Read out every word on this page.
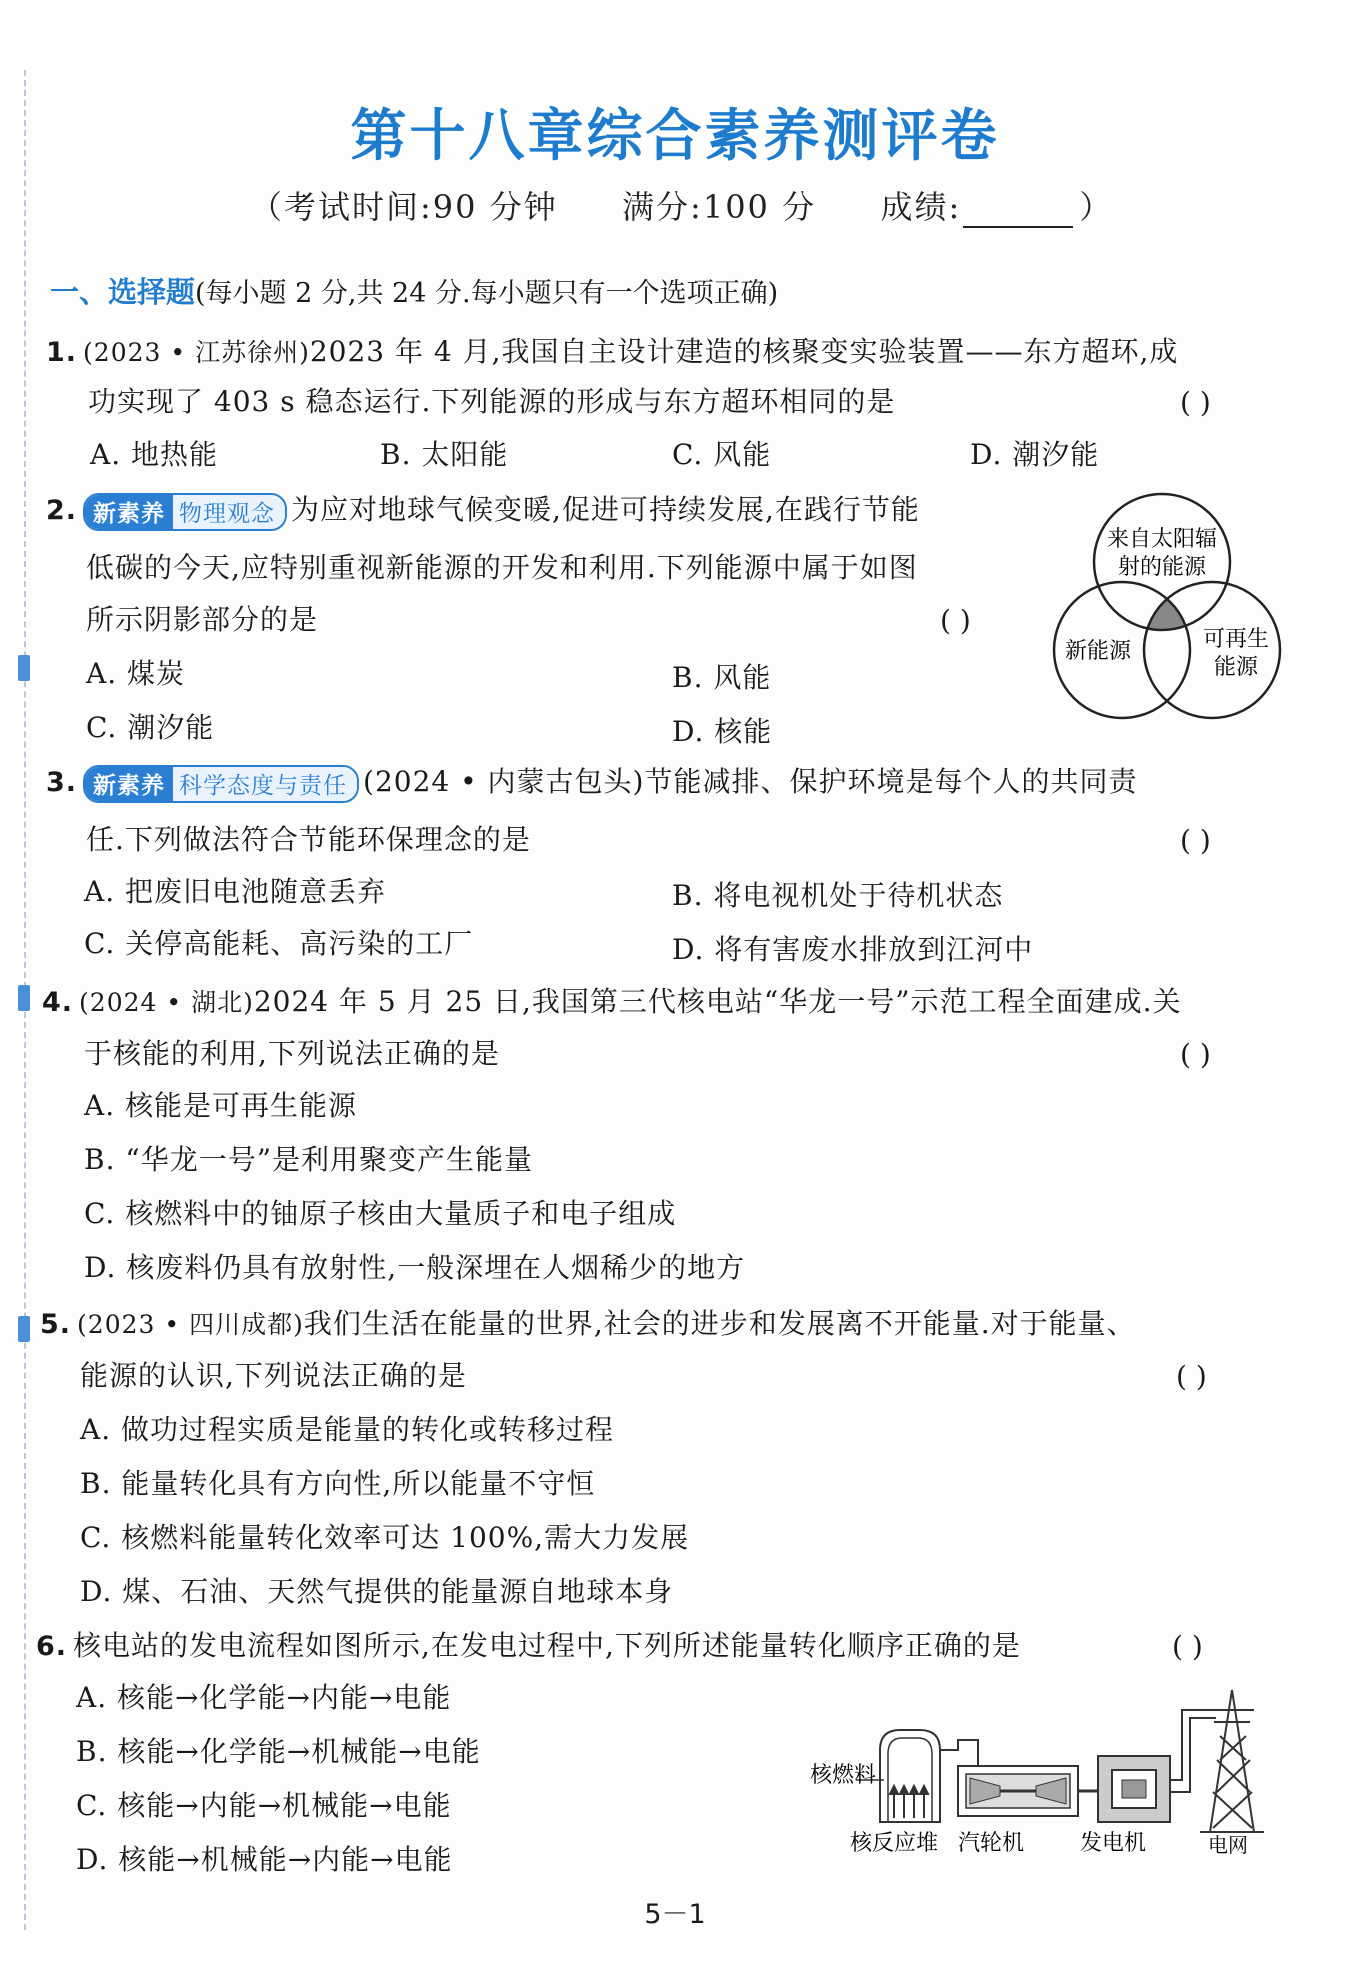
第十八章综合素养测评卷
（考试时间:90 分钟 满分:100 分 成绩:	）
一、选择题(每小题 2 分,共 24 分.每小题只有一个选项正确)
1. (2023 • 江苏徐州)2023 年 4 月,我国自主设计建造的核聚变实验装置——东方超环,成
功实现了 403 s 稳态运行.下列能源的形成与东方超环相同的是	( )
A. 地热能	B. 太阳能	C. 风能	D. 潮汐能
2. 新素养 物理观念 为应对地球气候变暖,促进可持续发展,在践行节能
低碳的今天,应特别重视新能源的开发和利用.下列能源中属于如图
所示阴影部分的是	( )
A. 煤炭	B. 风能
C. 潮汐能	D. 核能
来自太阳辐
射的能源
新能源	可再生
能源
3. 新素养 科学态度与责任 (2024 • 内蒙古包头)节能减排、保护环境是每个人的共同责
任.下列做法符合节能环保理念的是	( )
A. 把废旧电池随意丢弃	B. 将电视机处于待机状态
C. 关停高能耗、高污染的工厂	D. 将有害废水排放到江河中
4. (2024 • 湖北)2024 年 5 月 25 日,我国第三代核电站“华龙一号”示范工程全面建成.关
于核能的利用,下列说法正确的是	( )
A. 核能是可再生能源
B. “华龙一号”是利用聚变产生能量
C. 核燃料中的铀原子核由大量质子和电子组成
D. 核废料仍具有放射性,一般深埋在人烟稀少的地方
5. (2023 • 四川成都)我们生活在能量的世界,社会的进步和发展离不开能量.对于能量、
能源的认识,下列说法正确的是	( )
A. 做功过程实质是能量的转化或转移过程
B. 能量转化具有方向性,所以能量不守恒
C. 核燃料能量转化效率可达 100%,需大力发展
D. 煤、石油、天然气提供的能量源自地球本身
6. 核电站的发电流程如图所示,在发电过程中,下列所述能量转化顺序正确的是	( )
A. 核能→化学能→内能→电能
B. 核能→化学能→机械能→电能
C. 核能→内能→机械能→电能
D. 核能→机械能→内能→电能
核燃料
核反应堆 汽轮机	发电机	电网
5－1
